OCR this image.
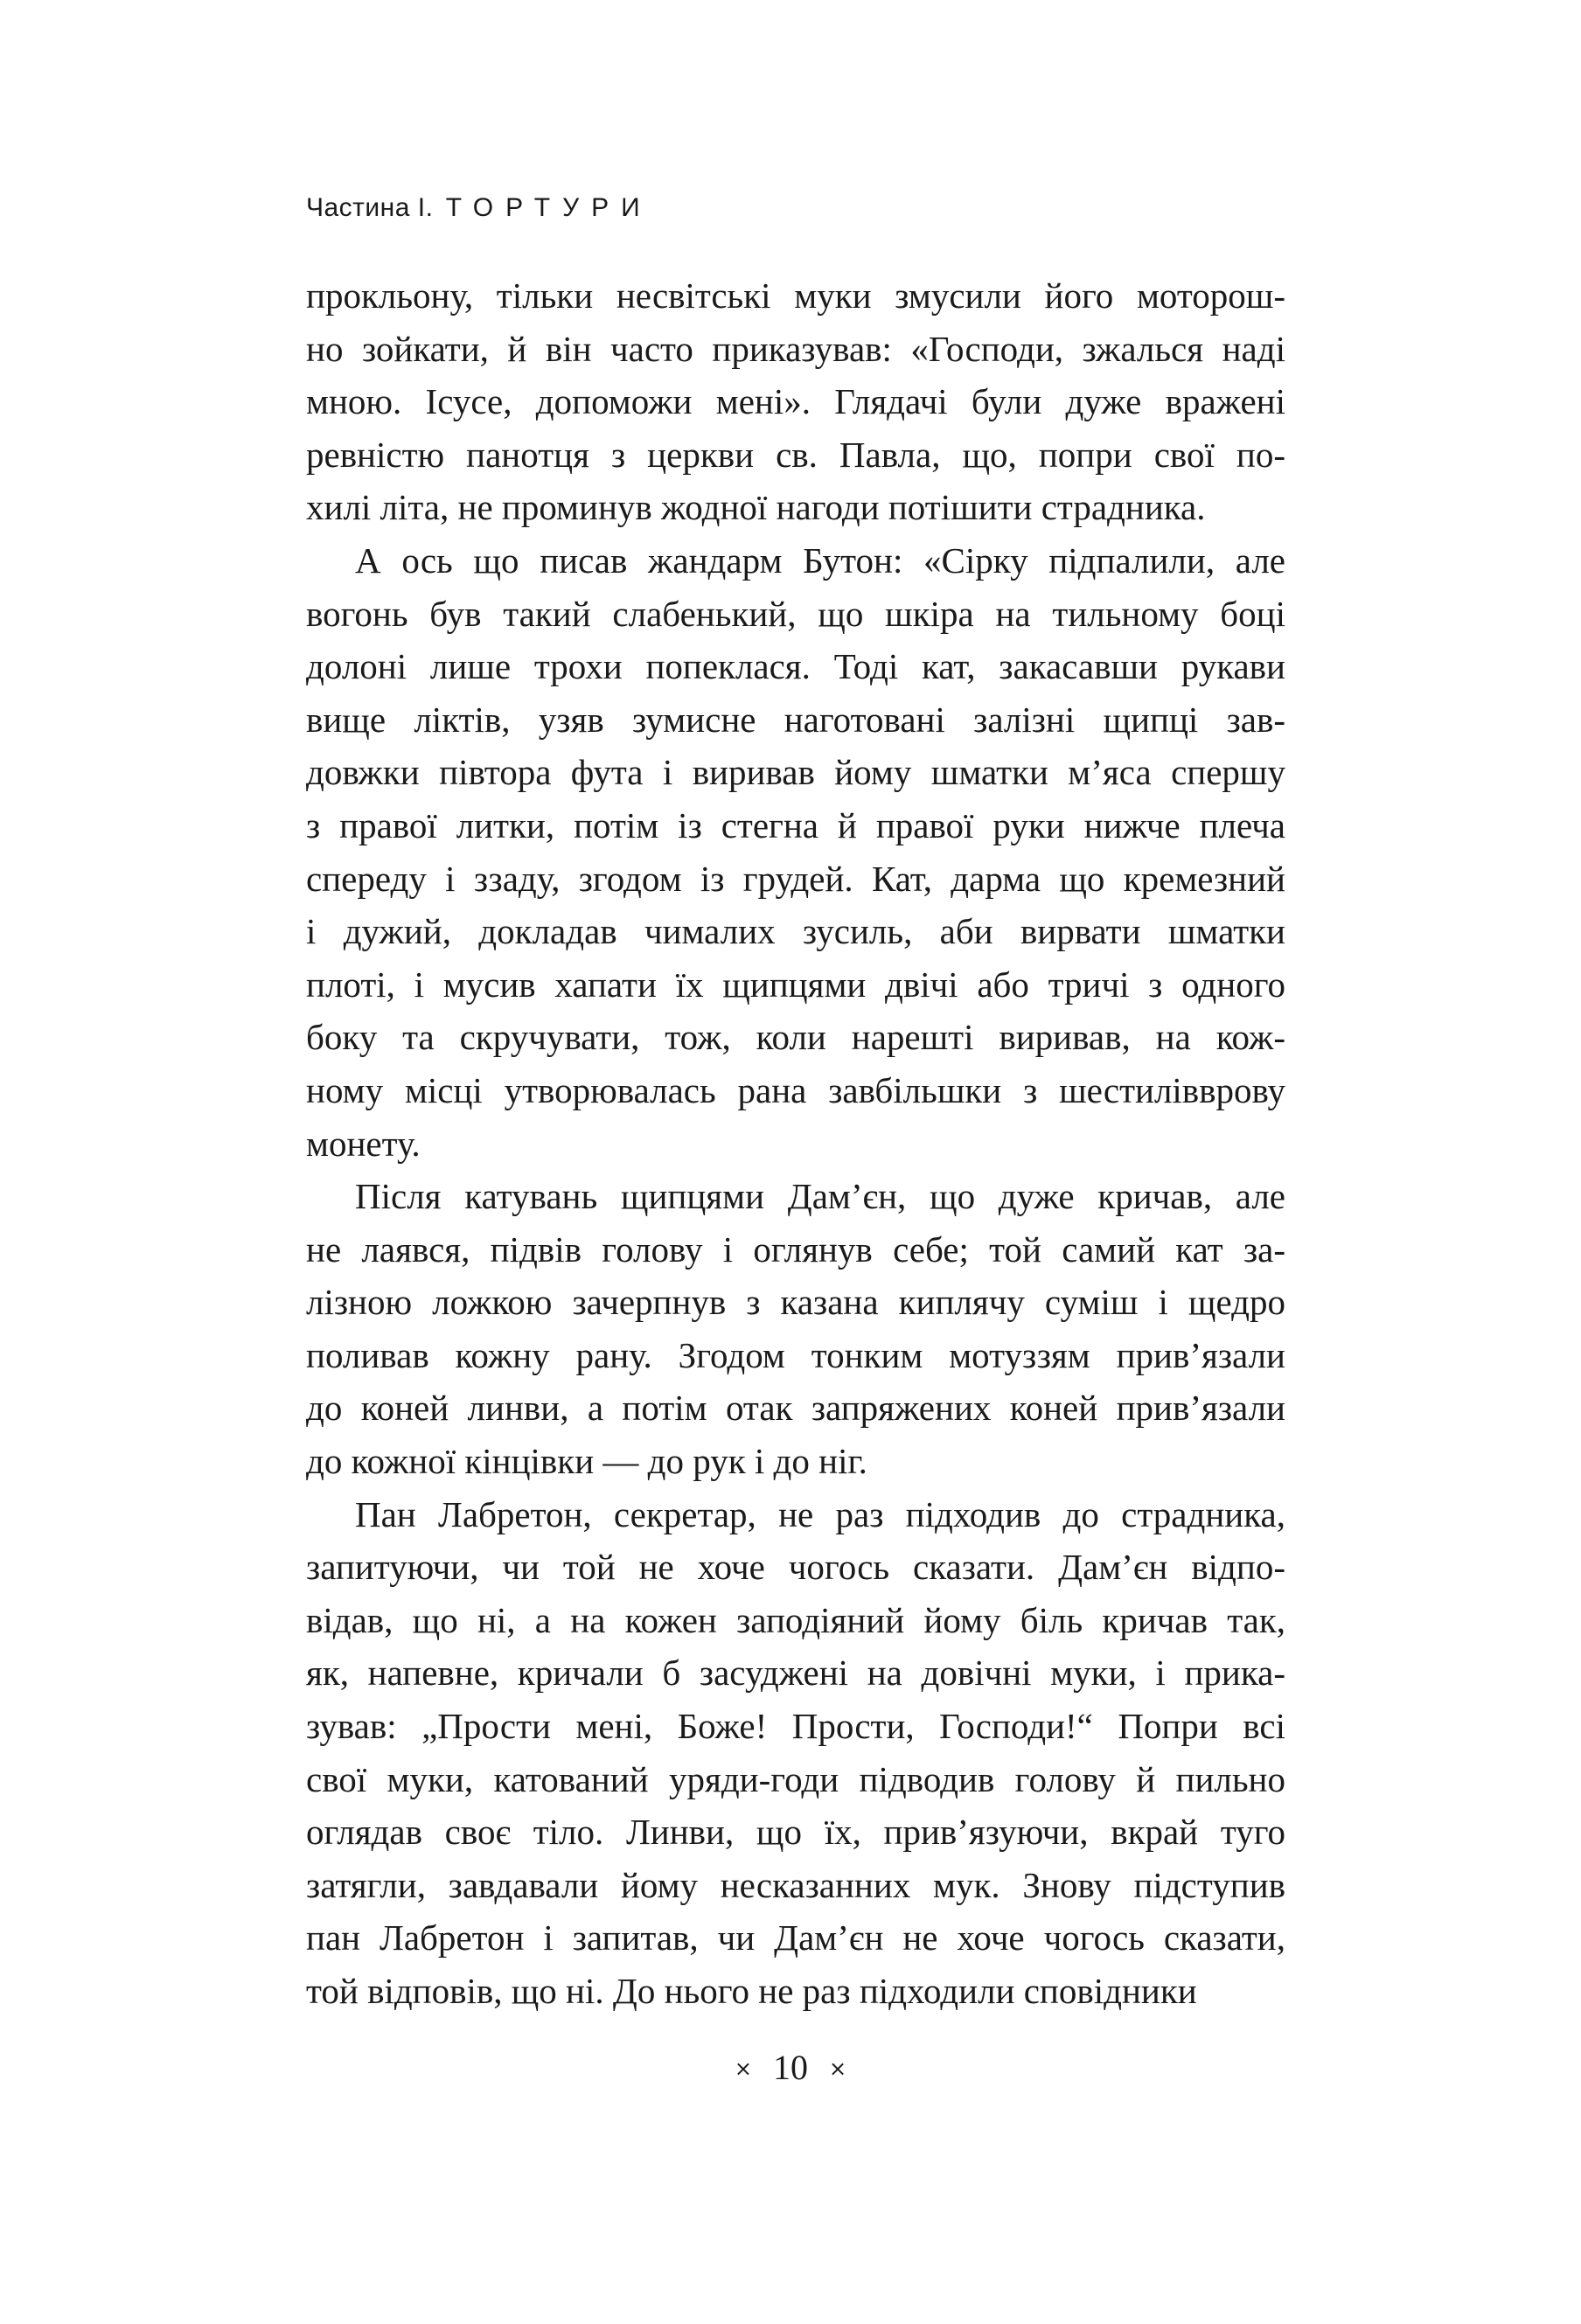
Частина I. ТОРТУРИ
прокльону, тільки несвітські муки змусили його моторош-
но зойкати, й він часто приказував: «Господи, зжалься наді
мною. Ісусе, допоможи мені». Глядачі були дуже вражені
ревністю панотця з церкви св. Павла, що, попри свої по-
хилі літа, не проминув жодної нагоди потішити страдника.
А ось що писав жандарм Бутон: «Сірку підпалили, але
вогонь був такий слабенький, що шкіра на тильному боці
долоні лише трохи попеклася. Тоді кат, закасавши рукави
вище ліктів, узяв зумисне наготовані залізні щипці зав-
довжки півтора фута і виривав йому шматки м’яса спершу
з правої литки, потім із стегна й правої руки нижче плеча
спереду і ззаду, згодом із грудей. Кат, дарма що кремезний
і дужий, докладав чималих зусиль, аби вирвати шматки
плоті, і мусив хапати їх щипцями двічі або тричі з одного
боку та скручувати, тож, коли нарешті виривав, на кож-
ному місці утворювалась рана завбільшки з шестилівврову
монету.
Після катувань щипцями Дам’єн, що дуже кричав, але
не лаявся, підвів голову і оглянув себе; той самий кат за-
лізною ложкою зачерпнув з казана киплячу суміш і щедро
поливав кожну рану. Згодом тонким мотуззям прив’язали
до коней линви, а потім отак запряжених коней прив’язали
до кожної кінцівки — до рук і до ніг.
Пан Лабретон, секретар, не раз підходив до страдника,
запитуючи, чи той не хоче чогось сказати. Дам’єн відпо-
відав, що ні, а на кожен заподіяний йому біль кричав так,
як, напевне, кричали б засуджені на довічні муки, і прика-
зував: „Прости мені, Боже! Прости, Господи!“ Попри всі
свої муки, катований уряди-годи підводив голову й пильно
оглядав своє тіло. Линви, що їх, прив’язуючи, вкрай туго
затягли, завдавали йому несказанних мук. Знову підступив
пан Лабретон і запитав, чи Дам’єн не хоче чогось сказати,
той відповів, що ні. До нього не раз підходили сповідники
× 10 ×
